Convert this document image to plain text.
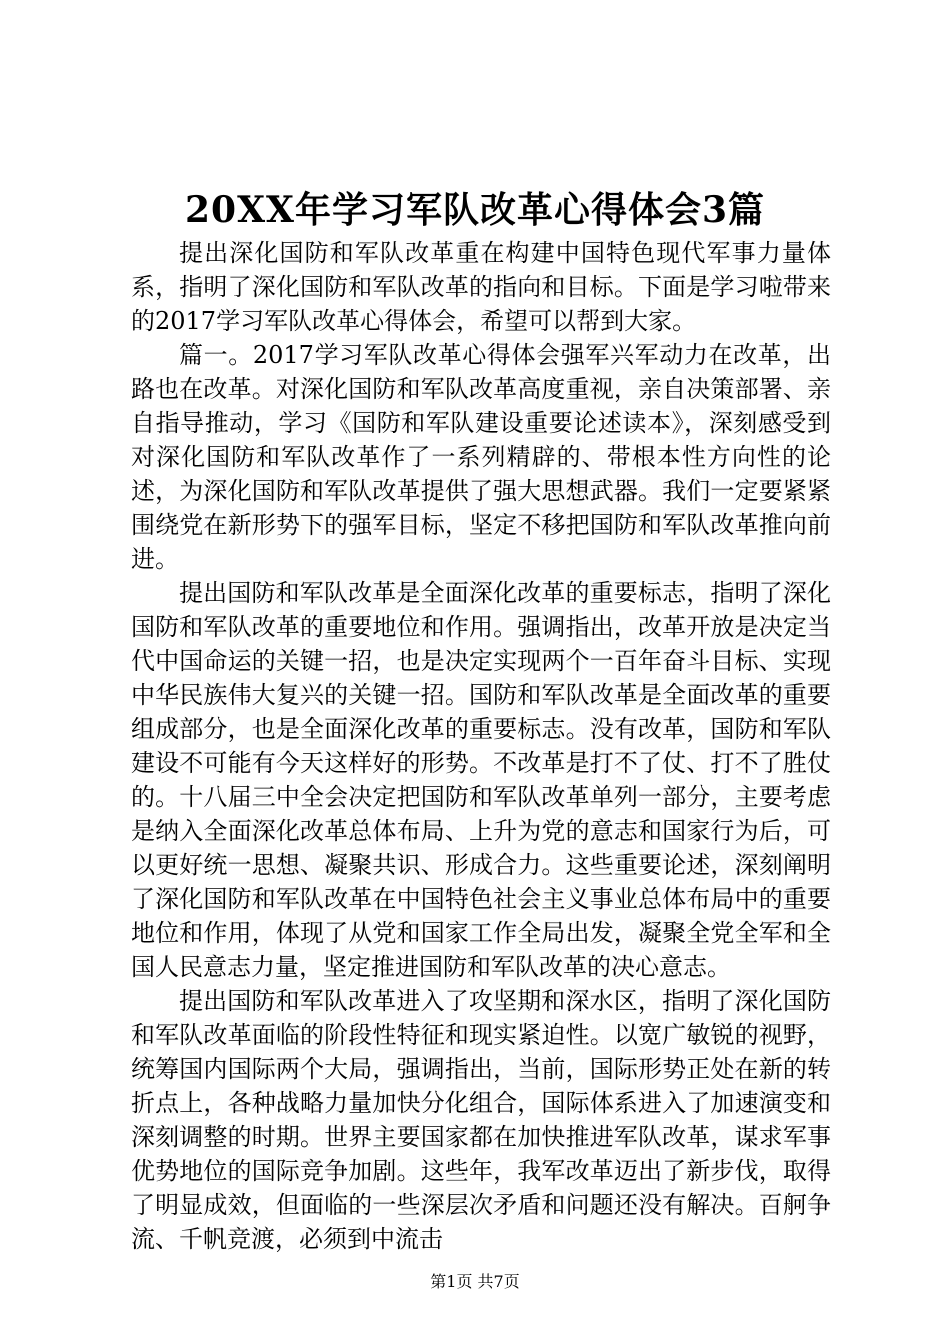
20XX年学习军队改革心得体会3篇

提出深化国防和军队改革重在构建中国特色现代军事力量体系，指明了深化国防和军队改革的指向和目标。下面是学习啦带来的2017学习军队改革心得体会，希望可以帮到大家。

篇一。2017学习军队改革心得体会强军兴军动力在改革，出路也在改革。对深化国防和军队改革高度重视，亲自决策部署、亲自指导推动，学习《国防和军队建设重要论述读本》，深刻感受到对深化国防和军队改革作了一系列精辟的、带根本性方向性的论述，为深化国防和军队改革提供了强大思想武器。我们一定要紧紧围绕党在新形势下的强军目标，坚定不移把国防和军队改革推向前进。

提出国防和军队改革是全面深化改革的重要标志，指明了深化国防和军队改革的重要地位和作用。强调指出，改革开放是决定当代中国命运的关键一招，也是决定实现两个一百年奋斗目标、实现中华民族伟大复兴的关键一招。国防和军队改革是全面改革的重要组成部分，也是全面深化改革的重要标志。没有改革，国防和军队建设不可能有今天这样好的形势。不改革是打不了仗、打不了胜仗的。十八届三中全会决定把国防和军队改革单列一部分，主要考虑是纳入全面深化改革总体布局、上升为党的意志和国家行为后，可以更好统一思想、凝聚共识、形成合力。这些重要论述，深刻阐明了深化国防和军队改革在中国特色社会主义事业总体布局中的重要地位和作用，体现了从党和国家工作全局出发，凝聚全党全军和全国人民意志力量，坚定推进国防和军队改革的决心意志。

提出国防和军队改革进入了攻坚期和深水区，指明了深化国防和军队改革面临的阶段性特征和现实紧迫性。以宽广敏锐的视野，统筹国内国际两个大局，强调指出，当前，国际形势正处在新的转折点上，各种战略力量加快分化组合，国际体系进入了加速演变和深刻调整的时期。世界主要国家都在加快推进军队改革，谋求军事优势地位的国际竞争加剧。这些年，我军改革迈出了新步伐，取得了明显成效，但面临的一些深层次矛盾和问题还没有解决。百舸争流、千帆竞渡，必须到中流击

第1页 共7页
